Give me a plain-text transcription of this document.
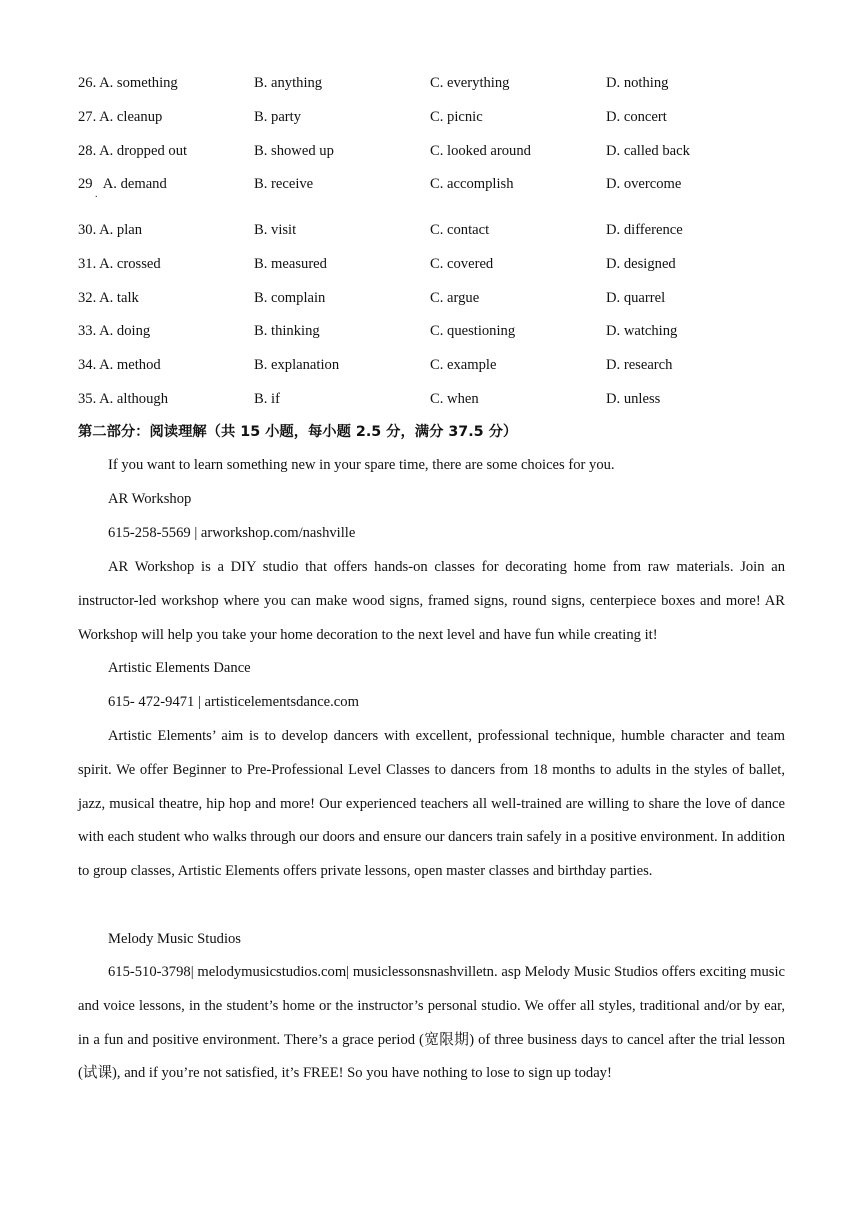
26. A. something	B. anything	C. everything	D. nothing
27. A. cleanup	B. party	C. picnic	D. concert
28. A. dropped out	B. showed up	C. looked around	D. called back
29   A. demand	B. receive	C. accomplish	D. overcome
.
30. A. plan	B. visit	C. contact	D. difference
31. A. crossed	B. measured	C. covered	D. designed
32. A. talk	B. complain	C. argue	D. quarrel
33. A. doing	B. thinking	C. questioning	D. watching
34. A. method	B. explanation	C. example	D. research
35. A. although	B. if	C. when	D. unless
第二部分：阅读理解（共 15 小题，每小题 2.5 分，满分 37.5 分）
If you want to learn something new in your spare time, there are some choices for you.
AR Workshop
615-258-5569 | arworkshop.com/nashville
AR Workshop is a DIY studio that offers hands-on classes for decorating home from raw materials. Join an instructor-led workshop where you can make wood signs, framed signs, round signs, centerpiece boxes and more! AR Workshop will help you take your home decoration to the next level and have fun while creating it!
Artistic Elements Dance
615- 472-9471 | artisticelementsdance.com
Artistic Elements’ aim is to develop dancers with excellent, professional technique, humble character and team spirit. We offer Beginner to Pre-Professional Level Classes to dancers from 18 months to adults in the styles of ballet, jazz, musical theatre, hip hop and more! Our experienced teachers all well-trained are willing to share the love of dance with each student who walks through our doors and ensure our dancers train safely in a positive environment. In addition to group classes, Artistic Elements offers private lessons, open master classes and birthday parties.
Melody Music Studios
615-510-3798| melodymusicstudios.com| musiclessonsnashvilletn. asp Melody Music Studios offers exciting music and voice lessons, in the student’s home or the instructor’s personal studio. We offer all styles, traditional and/or by ear, in a fun and positive environment. There’s a grace period (宽限期) of three business days to cancel after the trial lesson (试课), and if you’re not satisfied, it’s FREE! So you have nothing to lose to sign up today!
